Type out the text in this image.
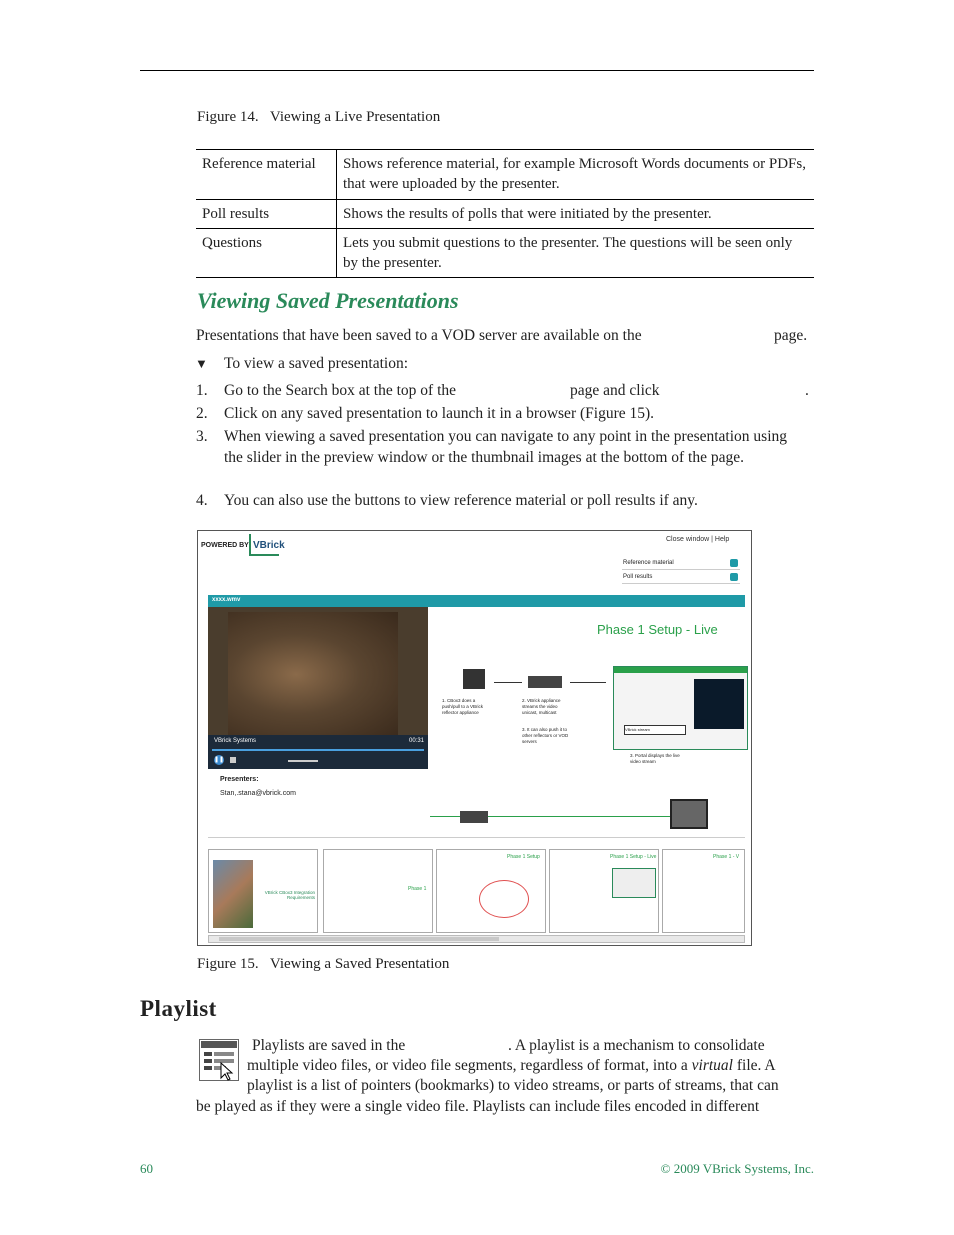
Figure 14. Viewing a Live Presentation
Reference material	Shows reference material, for example Microsoft Words documents or PDFs, that were uploaded by the presenter.
Poll results	Shows the results of polls that were initiated by the presenter.
Questions	Lets you submit questions to the presenter. The questions will be seen only by the presenter.
Viewing Saved Presentations
Presentations that have been saved to a VOD server are available on the	page.
▼ To view a saved presentation:
1. Go to the Search box at the top of the	page and click	.
2. Click on any saved presentation to launch it in a browser (Figure 15).
3. When viewing a saved presentation you can navigate to any point in the presentation using the slider in the preview window or the thumbnail images at the bottom of the page.
4. You can also use the buttons to view reference material or poll results if any.
POWERED BY VBrick
Close window | Help
Reference material
Poll results
xxxx.wmv
VBrick Systems	00:31
❚❚
Presenters:
Stan,.stana@vbrick.com
Phase 1 Setup - Live
VBrick stream
1. CBox3 does a push/pull to a VBrick reflector appliance
2. VBrick appliance streams the video unicast, multicast
3. It can also push it to other reflectors or VOD servers
3. Portal displays the live video stream
VBrick CBox3 Integration Requirements
Phase 1
Phase 1 Setup	Phase 1 Setup - Live	Phase 1 - V
Figure 15. Viewing a Saved Presentation
Playlist
Playlists are saved in the	. A playlist is a mechanism to consolidate
multiple video files, or video file segments, regardless of format, into a virtual file. A
playlist is a list of pointers (bookmarks) to video streams, or parts of streams, that can
be played as if they were a single video file. Playlists can include files encoded in different
60	© 2009 VBrick Systems, Inc.
